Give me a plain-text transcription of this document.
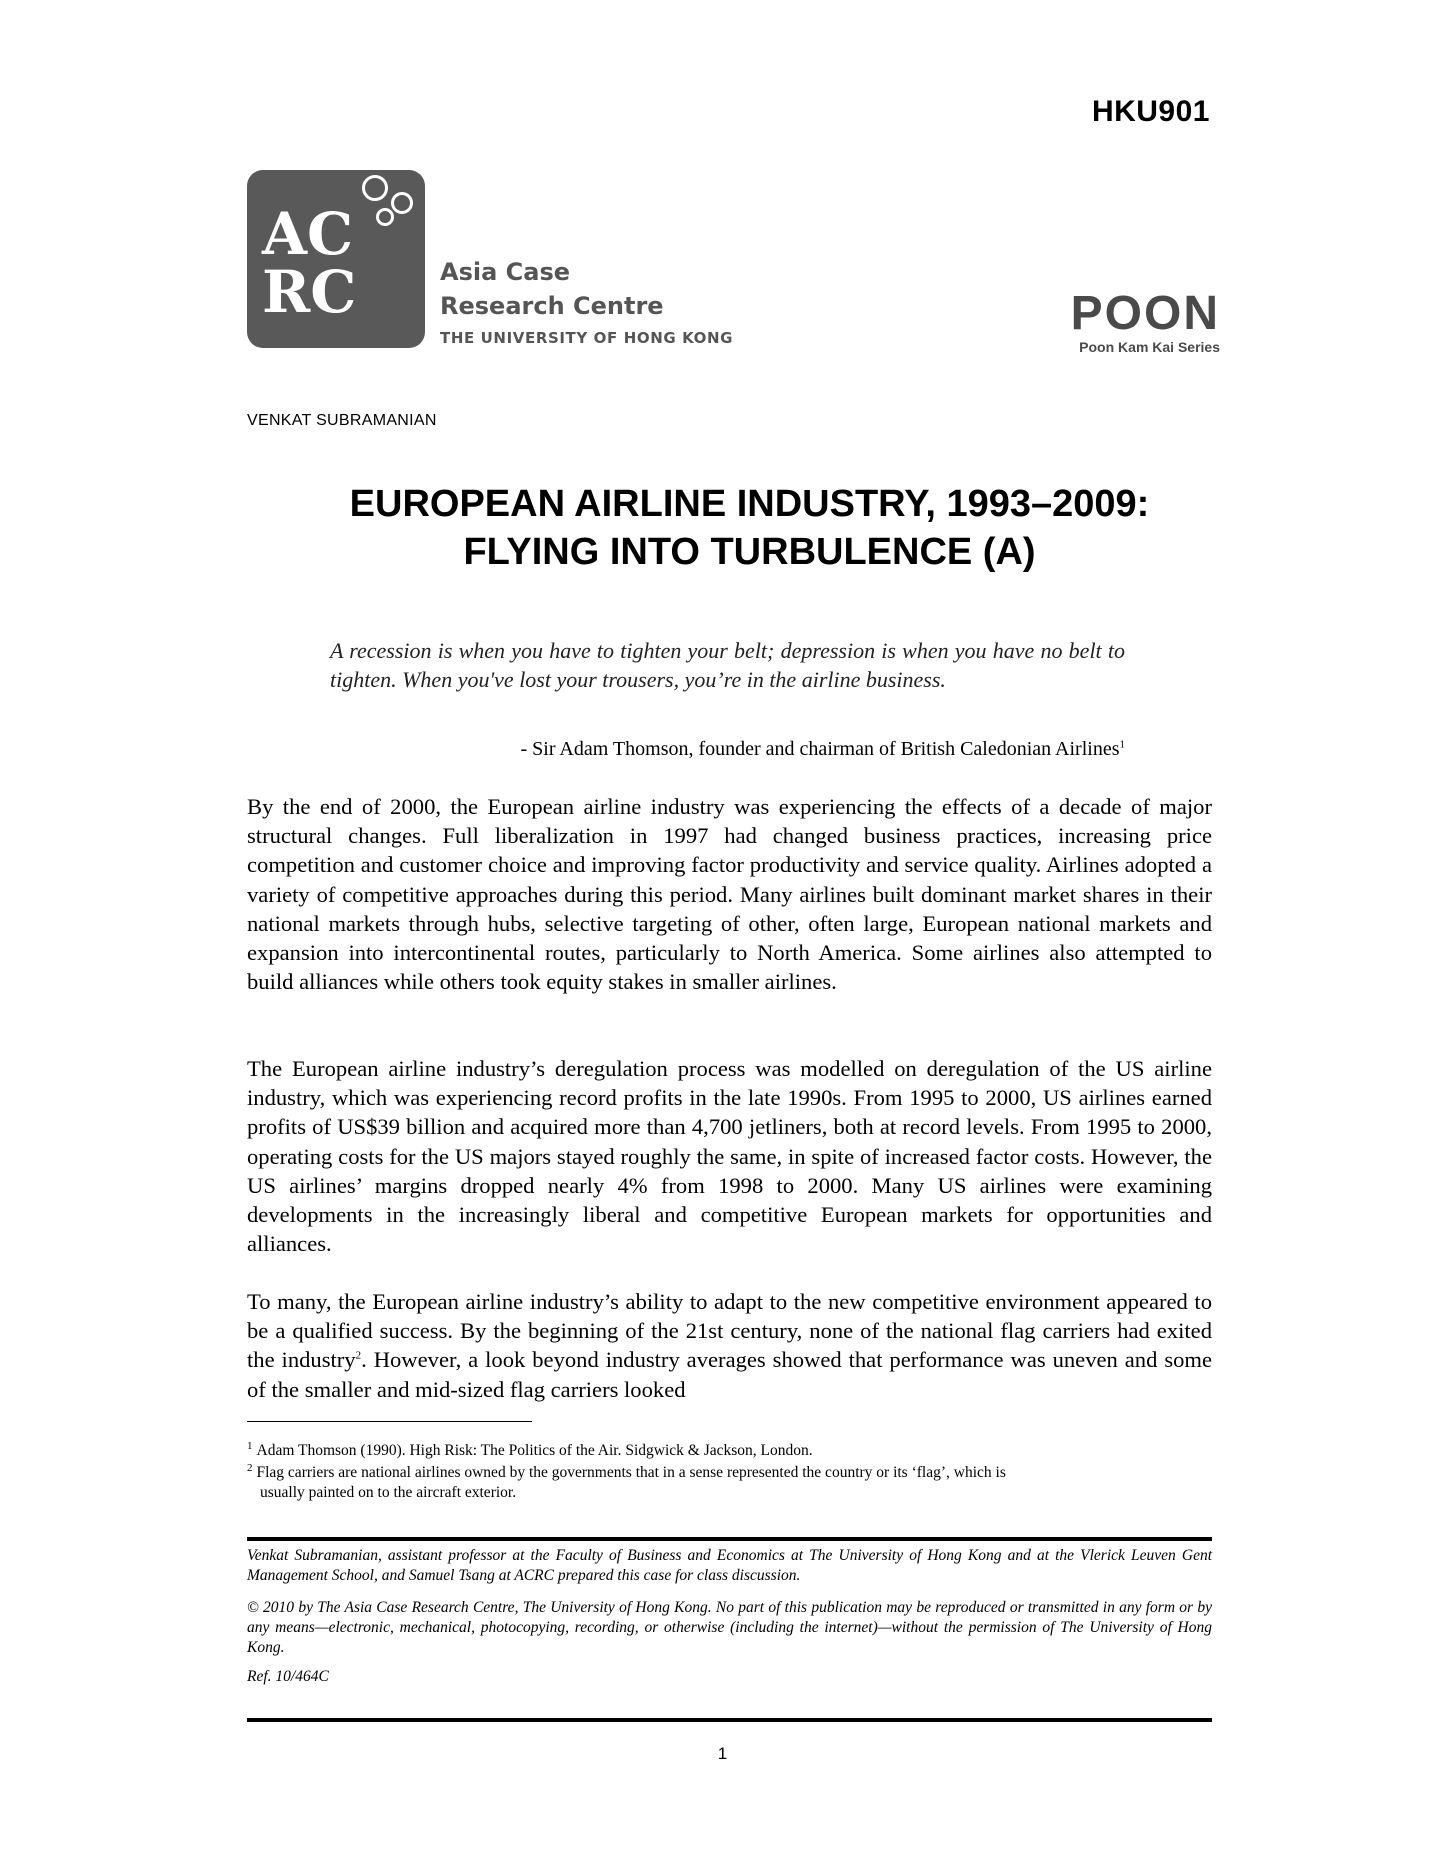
HKU901
AC
RC	Asia Case
Research Centre
THE UNIVERSITY OF HONG KONG	POON
Poon Kam Kai Series
VENKAT SUBRAMANIAN
EUROPEAN AIRLINE INDUSTRY, 1993–2009:
FLYING INTO TURBULENCE (A)
A recession is when you have to tighten your belt; depression is when you have no belt to tighten. When you've lost your trousers, you’re in the airline business.
- Sir Adam Thomson, founder and chairman of British Caledonian Airlines$^1$
By the end of 2000, the European airline industry was experiencing the effects of a decade of major structural changes. Full liberalization in 1997 had changed business practices, increasing price competition and customer choice and improving factor productivity and service quality. Airlines adopted a variety of competitive approaches during this period. Many airlines built dominant market shares in their national markets through hubs, selective targeting of other, often large, European national markets and expansion into intercontinental routes, particularly to North America. Some airlines also attempted to build alliances while others took equity stakes in smaller airlines.
The European airline industry’s deregulation process was modelled on deregulation of the US airline industry, which was experiencing record profits in the late 1990s. From 1995 to 2000, US airlines earned profits of US$39 billion and acquired more than 4,700 jetliners, both at record levels. From 1995 to 2000, operating costs for the US majors stayed roughly the same, in spite of increased factor costs. However, the US airlines’ margins dropped nearly 4% from 1998 to 2000. Many US airlines were examining developments in the increasingly liberal and competitive European markets for opportunities and alliances.
To many, the European airline industry’s ability to adapt to the new competitive environment appeared to be a qualified success. By the beginning of the 21st century, none of the national flag carriers had exited the industry$^2$. However, a look beyond industry averages showed that performance was uneven and some of the smaller and mid-sized flag carriers looked
$^1$ Adam Thomson (1990). High Risk: The Politics of the Air. Sidgwick & Jackson, London.
$^2$ Flag carriers are national airlines owned by the governments that in a sense represented the country or its ‘flag’, which is
usually painted on to the aircraft exterior.
Venkat Subramanian, assistant professor at the Faculty of Business and Economics at The University of Hong Kong and at the Vlerick Leuven Gent Management School, and Samuel Tsang at ACRC prepared this case for class discussion.
© 2010 by The Asia Case Research Centre, The University of Hong Kong. No part of this publication may be reproduced or transmitted in any form or by any means—electronic, mechanical, photocopying, recording, or otherwise (including the internet)—without the permission of The University of Hong Kong.
Ref. 10/464C
1
